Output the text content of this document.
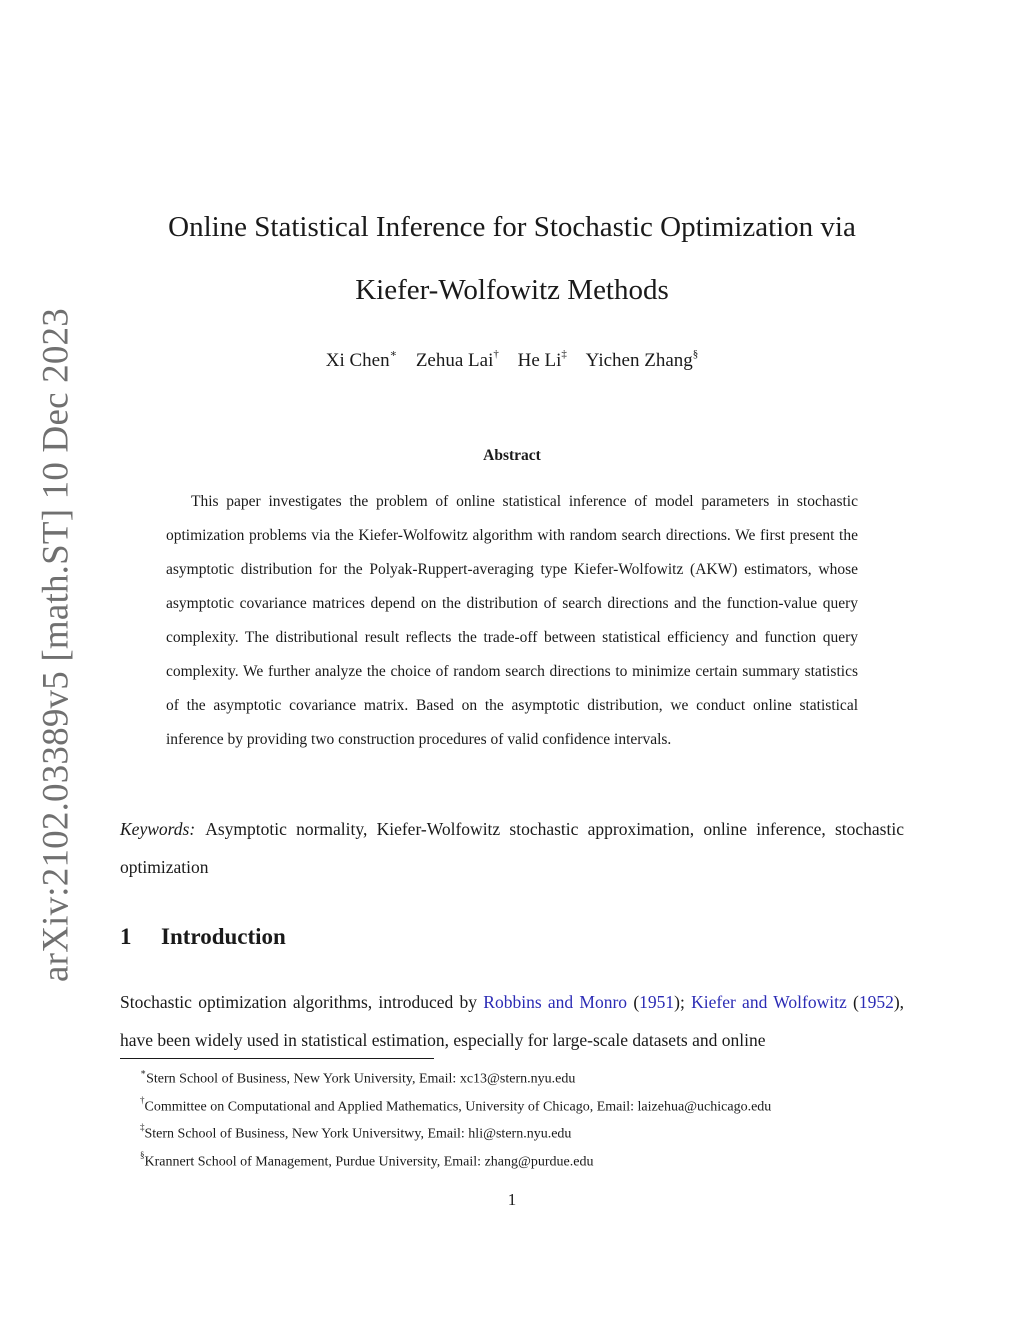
arXiv:2102.03389v5 [math.ST] 10 Dec 2023
Online Statistical Inference for Stochastic Optimization via
Kiefer-Wolfowitz Methods
Xi Chen∗ Zehua Lai† He Li‡ Yichen Zhang§
Abstract
This paper investigates the problem of online statistical inference of model parameters in stochastic optimization problems via the Kiefer-Wolfowitz algorithm with random search directions. We first present the asymptotic distribution for the Polyak-Ruppert-averaging type Kiefer-Wolfowitz (AKW) estimators, whose asymptotic covariance matrices depend on the distribution of search directions and the function-value query complexity. The distributional result reflects the trade-off between statistical efficiency and function query complexity. We further analyze the choice of random search directions to minimize certain summary statistics of the asymptotic covariance matrix. Based on the asymptotic distribution, we conduct online statistical inference by providing two construction procedures of valid confidence intervals.
Keywords: Asymptotic normality, Kiefer-Wolfowitz stochastic approximation, online inference, stochastic optimization
1 Introduction
Stochastic optimization algorithms, introduced by Robbins and Monro (1951); Kiefer and Wolfowitz (1952), have been widely used in statistical estimation, especially for large-scale datasets and online
∗Stern School of Business, New York University, Email: xc13@stern.nyu.edu
†Committee on Computational and Applied Mathematics, University of Chicago, Email: laizehua@uchicago.edu
‡Stern School of Business, New York Universitwy, Email: hli@stern.nyu.edu
§Krannert School of Management, Purdue University, Email: zhang@purdue.edu
1
